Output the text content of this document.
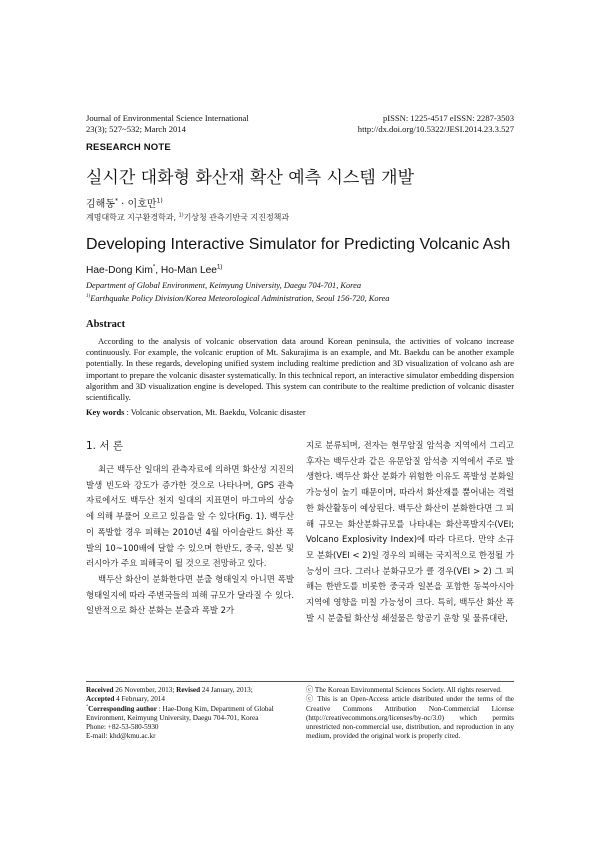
Journal of Environmental Science International
23(3); 527~532; March 2014
pISSN: 1225-4517 eISSN: 2287-3503
http://dx.doi.org/10.5322/JESI.2014.23.3.527
RESEARCH NOTE
실시간 대화형 화산재 확산 예측 시스템 개발
김해동* · 이호만$^{1)}$
계명대학교 지구환경학과, $^{1)}$기상청 관측기반국 지진정책과
Developing Interactive Simulator for Predicting Volcanic Ash
Hae-Dong Kim*, Ho-Man Lee$^{1)}$
Department of Global Environment, Keimyung University, Daegu 704-701, Korea
$^{1)}$Earthquake Policy Division/Korea Meteorological Administration, Seoul 156-720, Korea
Abstract
According to the analysis of volcanic observation data around Korean peninsula, the activities of volcano increase continuously. For example, the volcanic eruption of Mt. Sakurajima is an example, and Mt. Baekdu can be another example potentially. In these regards, developing unified system including realtime prediction and 3D visualization of volcano ash are important to prepare the volcanic disaster systematically. In this technical report, an interactive simulator embedding dispersion algorithm and 3D visualization engine is developed. This system can contribute to the realtime prediction of volcanic disaster scientifically.
Key words : Volcanic observation, Mt. Baekdu, Volcanic disaster
1. 서 론

최근 백두산 일대의 관측자료에 의하면 화산성 지진의 발생 빈도와 강도가 증가한 것으로 나타나며, GPS 관측자료에서도 백두산 천지 일대의 지표면이 마그마의 상승에 의해 부풀어 오르고 있음을 알 수 있다(Fig. 1). 백두산이 폭발할 경우 피해는 2010년 4월 아이슬란드 화산 폭발의 10~100배에 달할 수 있으며 한반도, 중국, 일본 및 러시아가 주요 피해국이 될 것으로 전망하고 있다.

백두산 화산이 분화한다면 분출 형태일지 아니면 폭발 형태일지에 따라 주변국들의 피해 규모가 달라질 수 있다. 일반적으로 화산 분화는 분출과 폭발 2가

지로 분류되며, 전자는 현무암질 암석층 지역에서 그리고 후자는 백두산과 같은 유문암질 암석층 지역에서 주로 발생한다. 백두산 화산 분화가 위험한 이유도 폭발성 분화일 가능성이 높기 때문이며, 따라서 화산재를 뿜어내는 격렬한 화산활동이 예상된다. 백두산 화산이 분화한다면 그 피해 규모는 화산분화규모를 나타내는 화산폭발지수(VEI; Volcano Explosivity Index)에 따라 다르다. 만약 소규모 분화(VEI < 2)일 경우의 피해는 국지적으로 한정될 가능성이 크다. 그러나 분화규모가 클 경우(VEI > 2) 그 피해는 한반도를 비롯한 중국과 일본을 포함한 동북아시아 지역에 영향을 미칠 가능성이 크다. 특히, 백두산 화산 폭발 시 분출될 화산성 쇄설물은 항공기 운항 및 물류대란,

Received 26 November, 2013; Revised 24 January, 2013;
Accepted 4 February, 2014
*Corresponding author : Hae-Dong Kim, Department of Global Environment, Keimyung University, Daegu 704-701, Korea
Phone: +82-53-580-5930
E-mail: khd@kmu.ac.kr
ⓒ The Korean Environmental Sciences Society. All rights reserved.
ⓒ This is an Open-Access article distributed under the terms of the Creative Commons Attribution Non-Commercial License (http://creativecommons.org/licenses/by-nc/3.0) which permits unrestricted non-commercial use, distribution, and reproduction in any medium, provided the original work is properly cited.
